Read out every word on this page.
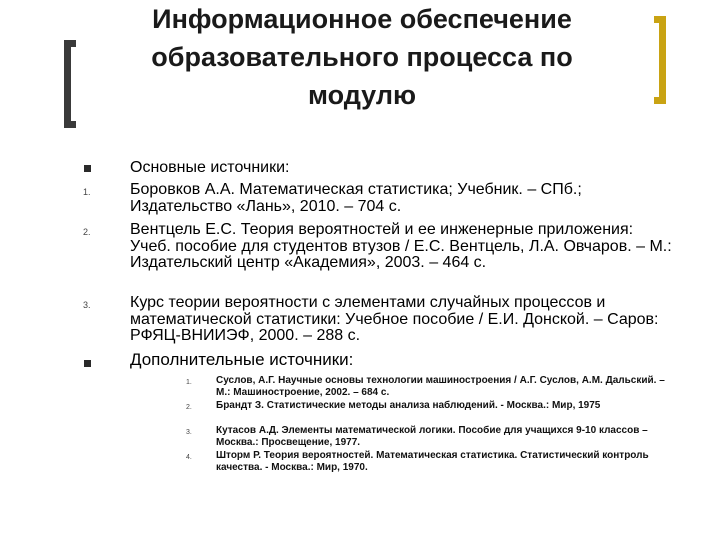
Информационное обеспечение
образовательного процесса по
модулю
Основные источники:
1. Боровков А.А. Математическая статистика; Учебник. – СПб.; Издательство «Лань», 2010. – 704 с.
2. Вентцель Е.С. Теория вероятностей и ее инженерные приложения: Учеб. пособие для студентов втузов / Е.С. Вентцель, Л.А. Овчаров. – М.: Издательский центр «Академия», 2003. – 464 с.
3. Курс теории вероятности с элементами случайных процессов и математической статистики: Учебное пособие / Е.И. Донской. – Саров: РФЯЦ-ВНИИЭФ, 2000. – 288 с.
Дополнительные источники:
1. Суслов, А.Г. Научные основы технологии машиностроения / А.Г. Суслов, А.М. Дальский. – М.: Машиностроение, 2002. – 684 с.
2. Брандт З. Статистические методы анализа наблюдений. - Москва.: Мир, 1975
3. Кутасов А.Д. Элементы математической логики. Пособие для учащихся 9-10 классов – Москва.: Просвещение, 1977.
4. Шторм Р. Теория вероятностей. Математическая статистика. Статистический контроль качества. - Москва.: Мир, 1970.
